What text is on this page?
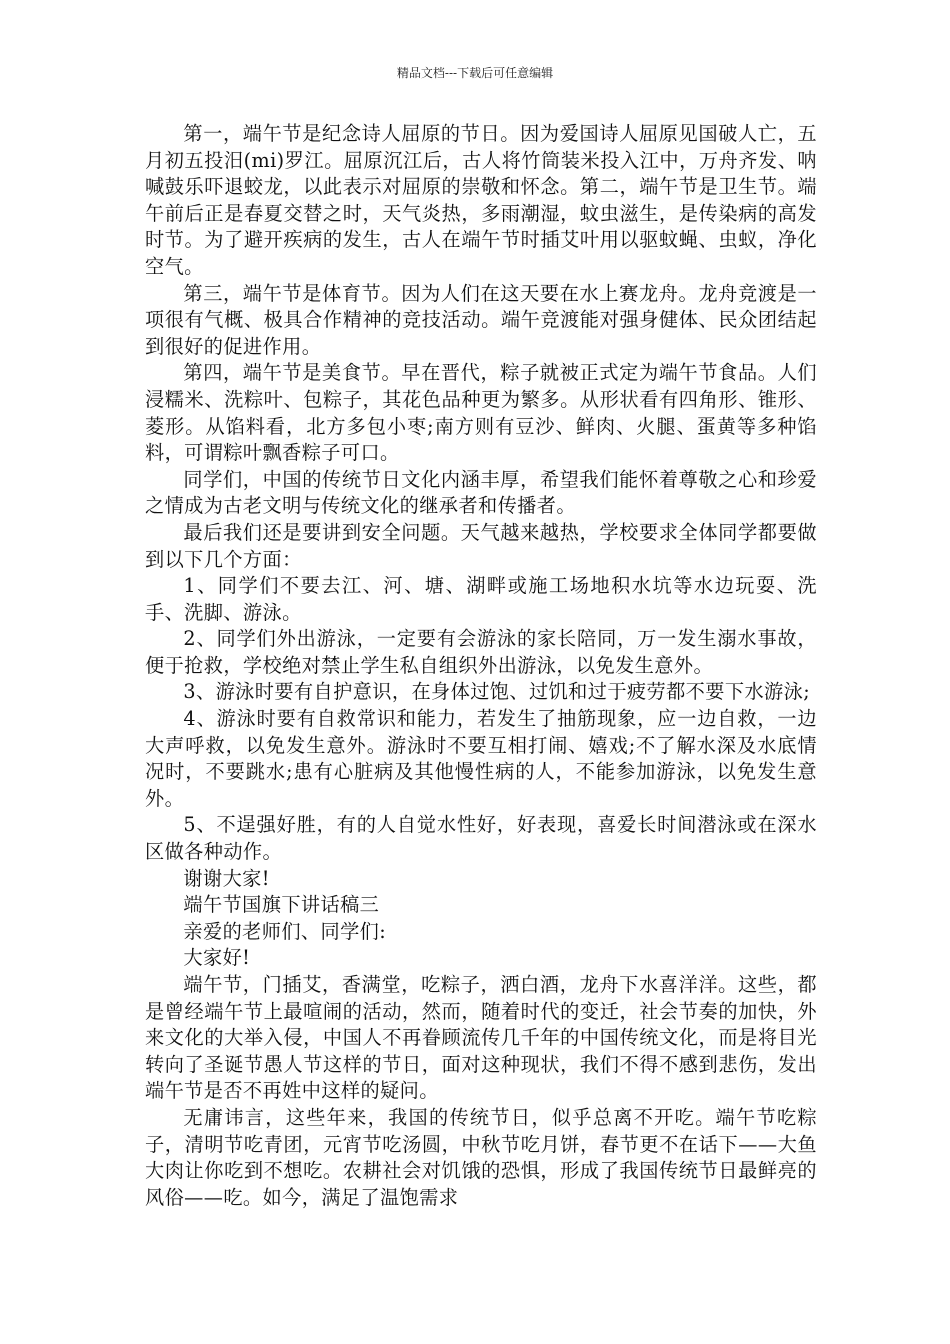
精品文档---下载后可任意编辑

第一，端午节是纪念诗人屈原的节日。因为爱国诗人屈原见国破人亡，五月初五投汨(mi)罗江。屈原沉江后，古人将竹筒装米投入江中，万舟齐发、呐喊鼓乐吓退蛟龙，以此表示对屈原的崇敬和怀念。第二，端午节是卫生节。端午前后正是春夏交替之时，天气炎热，多雨潮湿，蚊虫滋生，是传染病的高发时节。为了避开疾病的发生，古人在端午节时插艾叶用以驱蚊蝇、虫蚁，净化空气。

第三，端午节是体育节。因为人们在这天要在水上赛龙舟。龙舟竞渡是一项很有气概、极具合作精神的竞技活动。端午竞渡能对强身健体、民众团结起到很好的促进作用。

第四，端午节是美食节。早在晋代，粽子就被正式定为端午节食品。人们浸糯米、洗粽叶、包粽子，其花色品种更为繁多。从形状看有四角形、锥形、菱形。从馅料看，北方多包小枣;南方则有豆沙、鲜肉、火腿、蛋黄等多种馅料，可谓粽叶飘香粽子可口。

同学们，中国的传统节日文化内涵丰厚，希望我们能怀着尊敬之心和珍爱之情成为古老文明与传统文化的继承者和传播者。

最后我们还是要讲到安全问题。天气越来越热，学校要求全体同学都要做到以下几个方面：

1、同学们不要去江、河、塘、湖畔或施工场地积水坑等水边玩耍、洗手、洗脚、游泳。

2、同学们外出游泳，一定要有会游泳的家长陪同，万一发生溺水事故，便于抢救，学校绝对禁止学生私自组织外出游泳，以免发生意外。

3、游泳时要有自护意识，在身体过饱、过饥和过于疲劳都不要下水游泳;

4、游泳时要有自救常识和能力，若发生了抽筋现象，应一边自救，一边大声呼救，以免发生意外。游泳时不要互相打闹、嬉戏;不了解水深及水底情况时，不要跳水;患有心脏病及其他慢性病的人，不能参加游泳，以免发生意外。

5、不逞强好胜，有的人自觉水性好，好表现，喜爱长时间潜泳或在深水区做各种动作。

谢谢大家!

端午节国旗下讲话稿三

亲爱的老师们、同学们:

大家好!

端午节，门插艾，香满堂，吃粽子，洒白酒，龙舟下水喜洋洋。这些，都是曾经端午节上最喧闹的活动，然而，随着时代的变迁，社会节奏的加快，外来文化的大举入侵，中国人不再眷顾流传几千年的中国传统文化，而是将目光转向了圣诞节愚人节这样的节日，面对这种现状，我们不得不感到悲伤，发出端午节是否不再姓中这样的疑问。

无庸讳言，这些年来，我国的传统节日，似乎总离不开吃。端午节吃粽子，清明节吃青团，元宵节吃汤圆，中秋节吃月饼，春节更不在话下——大鱼大肉让你吃到不想吃。农耕社会对饥饿的恐惧，形成了我国传统节日最鲜亮的风俗——吃。如今，满足了温饱需求
